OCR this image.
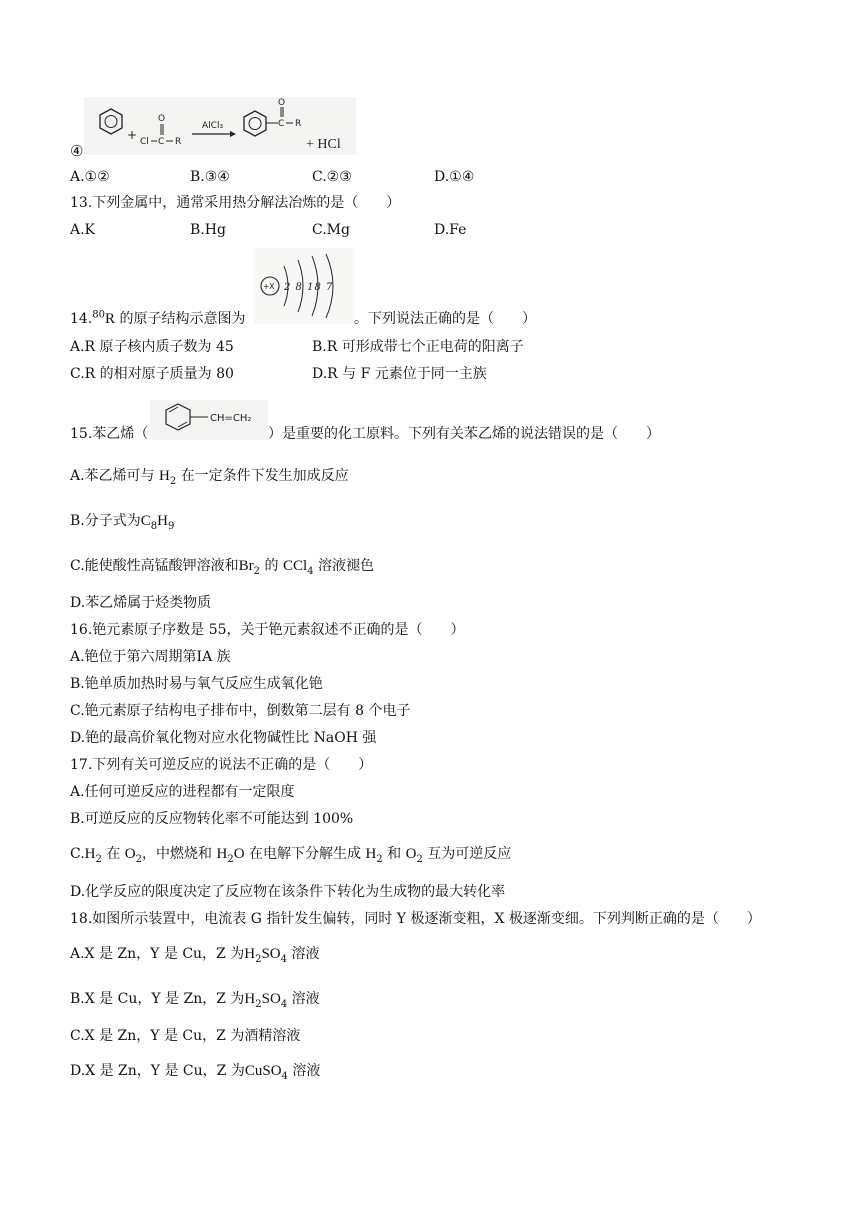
④
+ Cl C
O
R
AlCl₃	C
O
R
+ HCl
A.①②	B.③④	C.②③	D.①④
13.下列金属中，通常采用热分解法冶炼的是（　　）
A.K	B.Hg	C.Mg	D.Fe
+X 2 8 18 7
14.80R 的原子结构示意图为	。下列说法正确的是（　　）
A.R 原子核内质子数为 45	B.R 可形成带七个正电荷的阳离子
C.R 的相对原子质量为 80	D.R 与 F 元素位于同一主族
15.苯乙烯（
CH=CH₂
）是重要的化工原料。下列有关苯乙烯的说法错误的是（　　）
A.苯乙烯可与 $H_2$ 在一定条件下发生加成反应
B.分子式为$C_8H_9$
C.能使酸性高锰酸钾溶液和$Br_2$ 的 CCl$_4$ 溶液褪色
D.苯乙烯属于烃类物质
16.铯元素原子序数是 55，关于铯元素叙述不正确的是（　　）
A.铯位于第六周期第ⅠA 族
B.铯单质加热时易与氧气反应生成氧化铯
C.铯元素原子结构电子排布中，倒数第二层有 8 个电子
D.铯的最高价氧化物对应水化物碱性比 NaOH 强
17.下列有关可逆反应的说法不正确的是（　　）
A.任何可逆反应的进程都有一定限度
B.可逆反应的反应物转化率不可能达到 100%
$C.H_2$ 在 $O_2$，中燃烧和 $H_2O$ 在电解下分解生成 $H_2$ 和 $O_2$ 互为可逆反应
D.化学反应的限度决定了反应物在该条件下转化为生成物的最大转化率
18.如图所示装置中，电流表 G 指针发生偏转，同时 Y 极逐渐变粗，X 极逐渐变细。下列判断正确的是（　　）
A.X 是 Zn，Y 是 Cu，Z 为$H_2SO_4$ 溶液
B.X 是 Cu，Y 是 Zn，Z 为$H_2SO_4$ 溶液
C.X 是 Zn，Y 是 Cu，Z 为酒精溶液
D.X 是 Zn，Y 是 Cu，Z 为CuSO$_4$ 溶液
